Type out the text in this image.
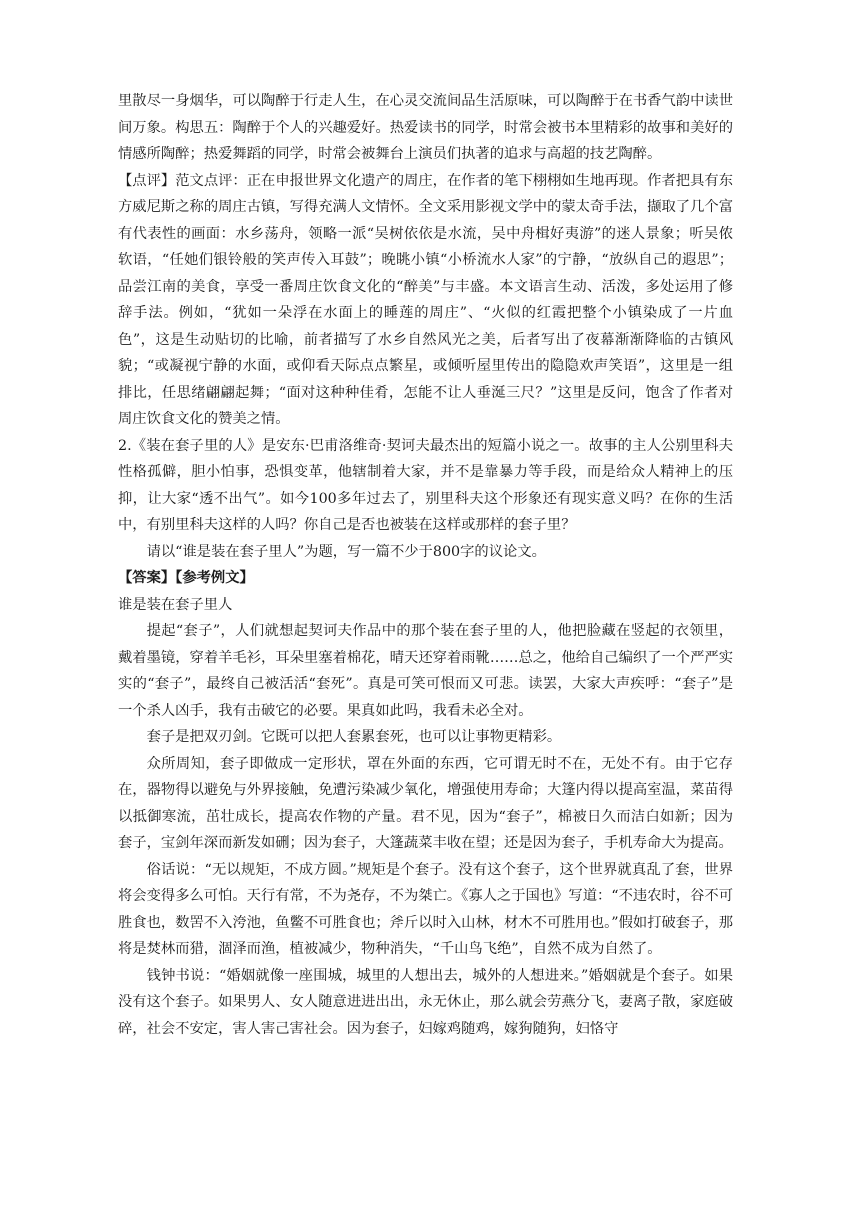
里散尽一身烟华，可以陶醉于行走人生，在心灵交流间品生活原味，可以陶醉于在书香气韵中读世间万象。构思五：陶醉于个人的兴趣爱好。热爱读书的同学，时常会被书本里精彩的故事和美好的情感所陶醉；热爱舞蹈的同学，时常会被舞台上演员们执著的追求与高超的技艺陶醉。

【点评】范文点评：正在申报世界文化遗产的周庄，在作者的笔下栩栩如生地再现。作者把具有东方威尼斯之称的周庄古镇，写得充满人文情怀。全文采用影视文学中的蒙太奇手法，撷取了几个富有代表性的画面：水乡荡舟，领略一派“吴树依依是水流，吴中舟楫好夷游”的迷人景象；听吴侬软语，“任她们银铃般的笑声传入耳鼓”；晚眺小镇“小桥流水人家”的宁静，“放纵自己的遐思”；品尝江南的美食，享受一番周庄饮食文化的“醉美”与丰盛。本文语言生动、活泼，多处运用了修辞手法。例如，“犹如一朵浮在水面上的睡莲的周庄”、“火似的红霞把整个小镇染成了一片血色”，这是生动贴切的比喻，前者描写了水乡自然风光之美，后者写出了夜幕渐渐降临的古镇风貌；“或凝视宁静的水面，或仰看天际点点繁星，或倾听屋里传出的隐隐欢声笑语”，这里是一组排比，任思绪翩翩起舞；“面对这种种佳肴，怎能不让人垂涎三尺？”这里是反问，饱含了作者对周庄饮食文化的赞美之情。

2.《装在套子里的人》是安东·巴甫洛维奇·契诃夫最杰出的短篇小说之一。故事的主人公别里科夫性格孤僻，胆小怕事，恐惧变革，他辖制着大家，并不是靠暴力等手段，而是给众人精神上的压抑，让大家“透不出气”。如今100多年过去了，别里科夫这个形象还有现实意义吗？在你的生活中，有别里科夫这样的人吗？你自己是否也被装在这样或那样的套子里？

请以“谁是装在套子里人”为题，写一篇不少于800字的议论文。

【答案】【参考例文】

谁是装在套子里人

提起“套子”，人们就想起契诃夫作品中的那个装在套子里的人，他把脸藏在竖起的衣领里，戴着墨镜，穿着羊毛衫，耳朵里塞着棉花，晴天还穿着雨靴……总之，他给自己编织了一个严严实实的“套子”，最终自己被活活“套死”。真是可笑可恨而又可悲。读罢，大家大声疾呼：“套子”是一个杀人凶手，我有击破它的必要。果真如此吗，我看未必全对。

套子是把双刃剑。它既可以把人套累套死，也可以让事物更精彩。

众所周知，套子即做成一定形状，罩在外面的东西，它可谓无时不在，无处不有。由于它存在，器物得以避免与外界接触，免遭污染减少氧化，增强使用寿命；大篷内得以提高室温，菜苗得以抵御寒流，茁壮成长，提高农作物的产量。君不见，因为“套子”，棉被日久而洁白如新；因为套子，宝剑年深而新发如硎；因为套子，大篷蔬菜丰收在望；还是因为套子，手机寿命大为提高。

俗话说：“无以规矩，不成方圆。”规矩是个套子。没有这个套子，这个世界就真乱了套，世界将会变得多么可怕。天行有常，不为尧存，不为桀亡。《寡人之于国也》写道：“不违农时，谷不可胜食也，数罟不入洿池，鱼鳖不可胜食也；斧斤以时入山林，材木不可胜用也。”假如打破套子，那将是焚林而猎，涸泽而渔，植被减少，物种消失，“千山鸟飞绝”，自然不成为自然了。

钱钟书说：“婚姻就像一座围城，城里的人想出去，城外的人想进来。”婚姻就是个套子。如果没有这个套子。如果男人、女人随意进进出出，永无休止，那么就会劳燕分飞，妻离子散，家庭破碎，社会不安定，害人害己害社会。因为套子，妇嫁鸡随鸡，嫁狗随狗，妇恪守
